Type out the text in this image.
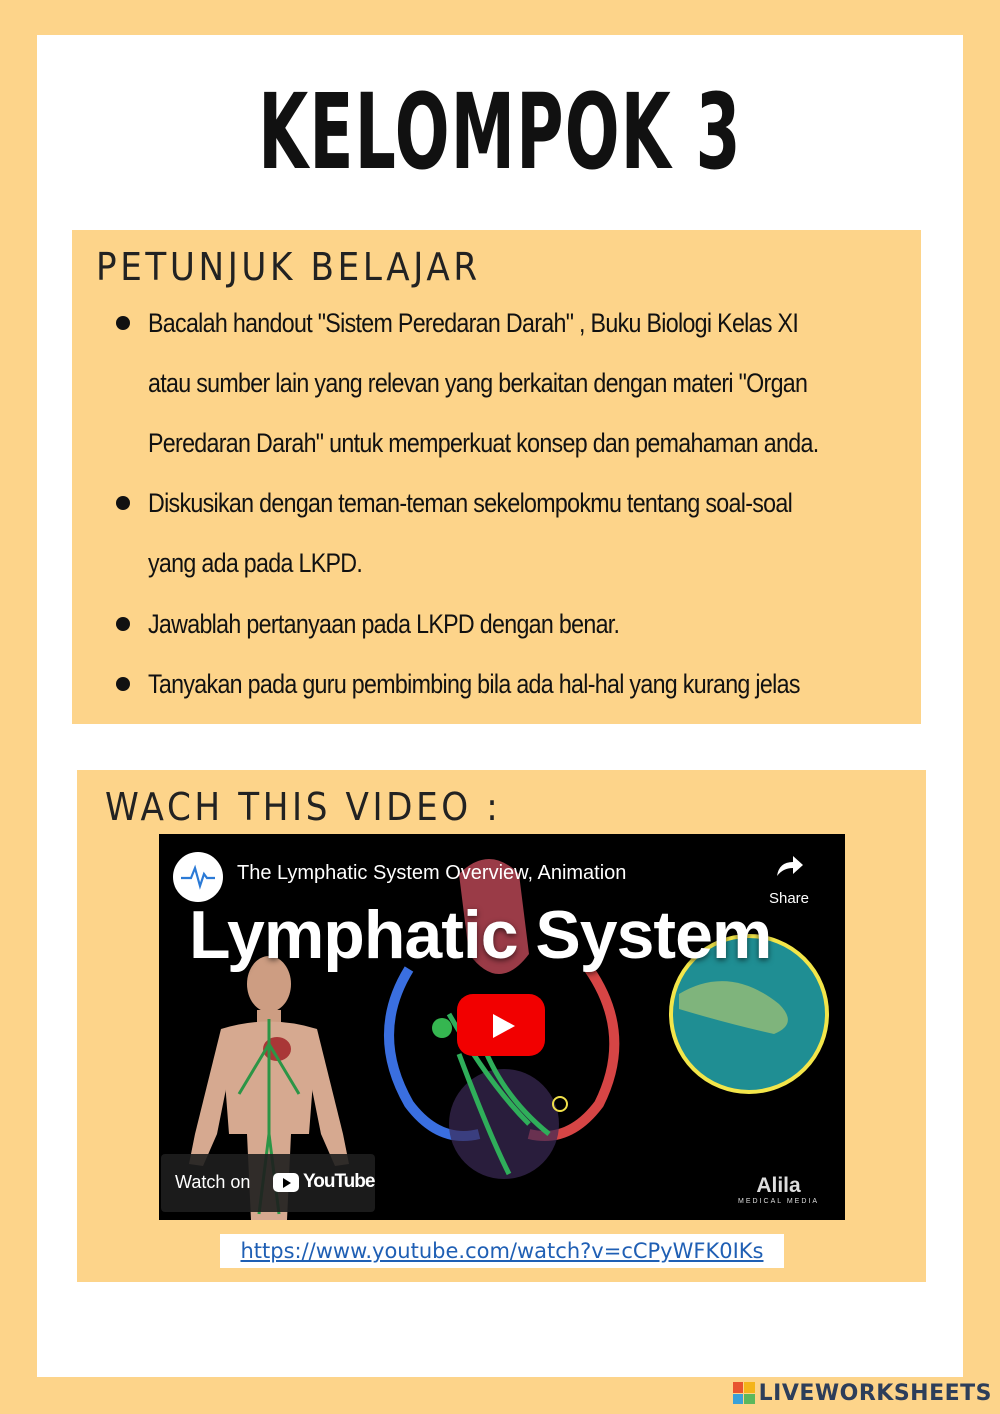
KELOMPOK 3
PETUNJUK BELAJAR
Bacalah handout "Sistem Peredaran Darah" , Buku Biologi Kelas XI
atau sumber lain yang relevan yang berkaitan dengan materi "Organ
Peredaran Darah" untuk memperkuat konsep dan pemahaman anda.
Diskusikan dengan teman-teman sekelompokmu tentang soal-soal
yang ada pada LKPD.
Jawablah pertanyaan pada LKPD dengan benar.
Tanyakan pada guru pembimbing bila ada hal-hal yang kurang jelas
WACH THIS VIDEO :
The Lymphatic System Overview, Animation
Share
Lymphatic System
Watch on	YouTube	Alila
MEDICAL MEDIA
https://www.youtube.com/watch?v=cCPyWFK0IKs
LIVEWORKSHEETS
